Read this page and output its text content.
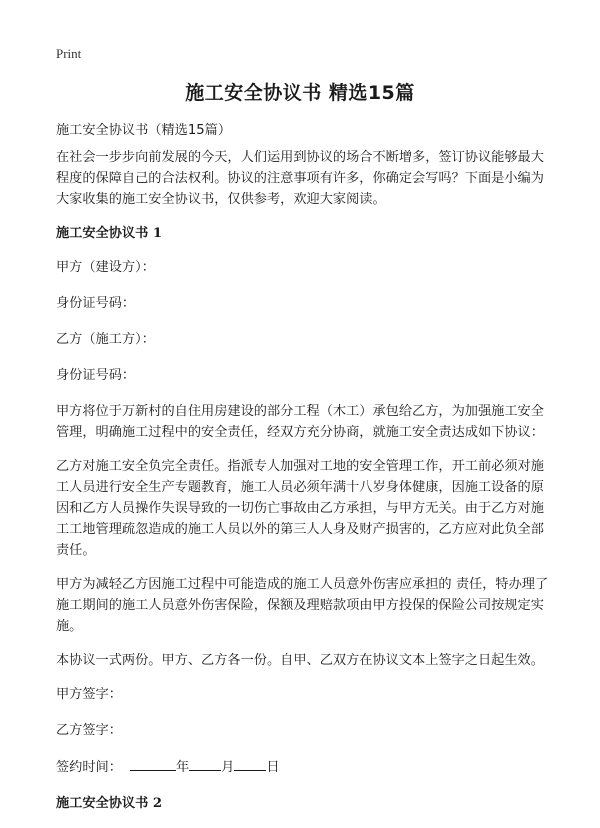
Print
施工安全协议书 精选15篇

施工安全协议书（精选15篇）

在社会一步步向前发展的今天，人们运用到协议的场合不断增多，签订协议能够最大程度的保障自己的合法权利。协议的注意事项有许多，你确定会写吗？下面是小编为大家收集的施工安全协议书，仅供参考，欢迎大家阅读。

施工安全协议书 1

甲方（建设方）：

身份证号码：

乙方（施工方）：

身份证号码：

甲方将位于万新村的自住用房建设的部分工程（木工）承包给乙方，为加强施工安全管理，明确施工过程中的安全责任，经双方充分协商，就施工安全责达成如下协议：

乙方对施工安全负完全责任。指派专人加强对工地的安全管理工作，开工前必须对施工人员进行安全生产专题教育，施工人员必须年满十八岁身体健康，因施工设备的原因和乙方人员操作失误导致的一切伤亡事故由乙方承担，与甲方无关。由于乙方对施工工地管理疏忽造成的施工人员以外的第三人人身及财产损害的，乙方应对此负全部责任。

甲方为减轻乙方因施工过程中可能造成的施工人员意外伤害应承担的 责任，特办理了施工期间的施工人员意外伤害保险，保额及理赔款项由甲方投保的保险公司按规定实施。

本协议一式两份。甲方、乙方各一份。自甲、乙双方在协议文本上签字之日起生效。

甲方签字：

乙方签字：

签约时间：	年 月 日

施工安全协议书 2
